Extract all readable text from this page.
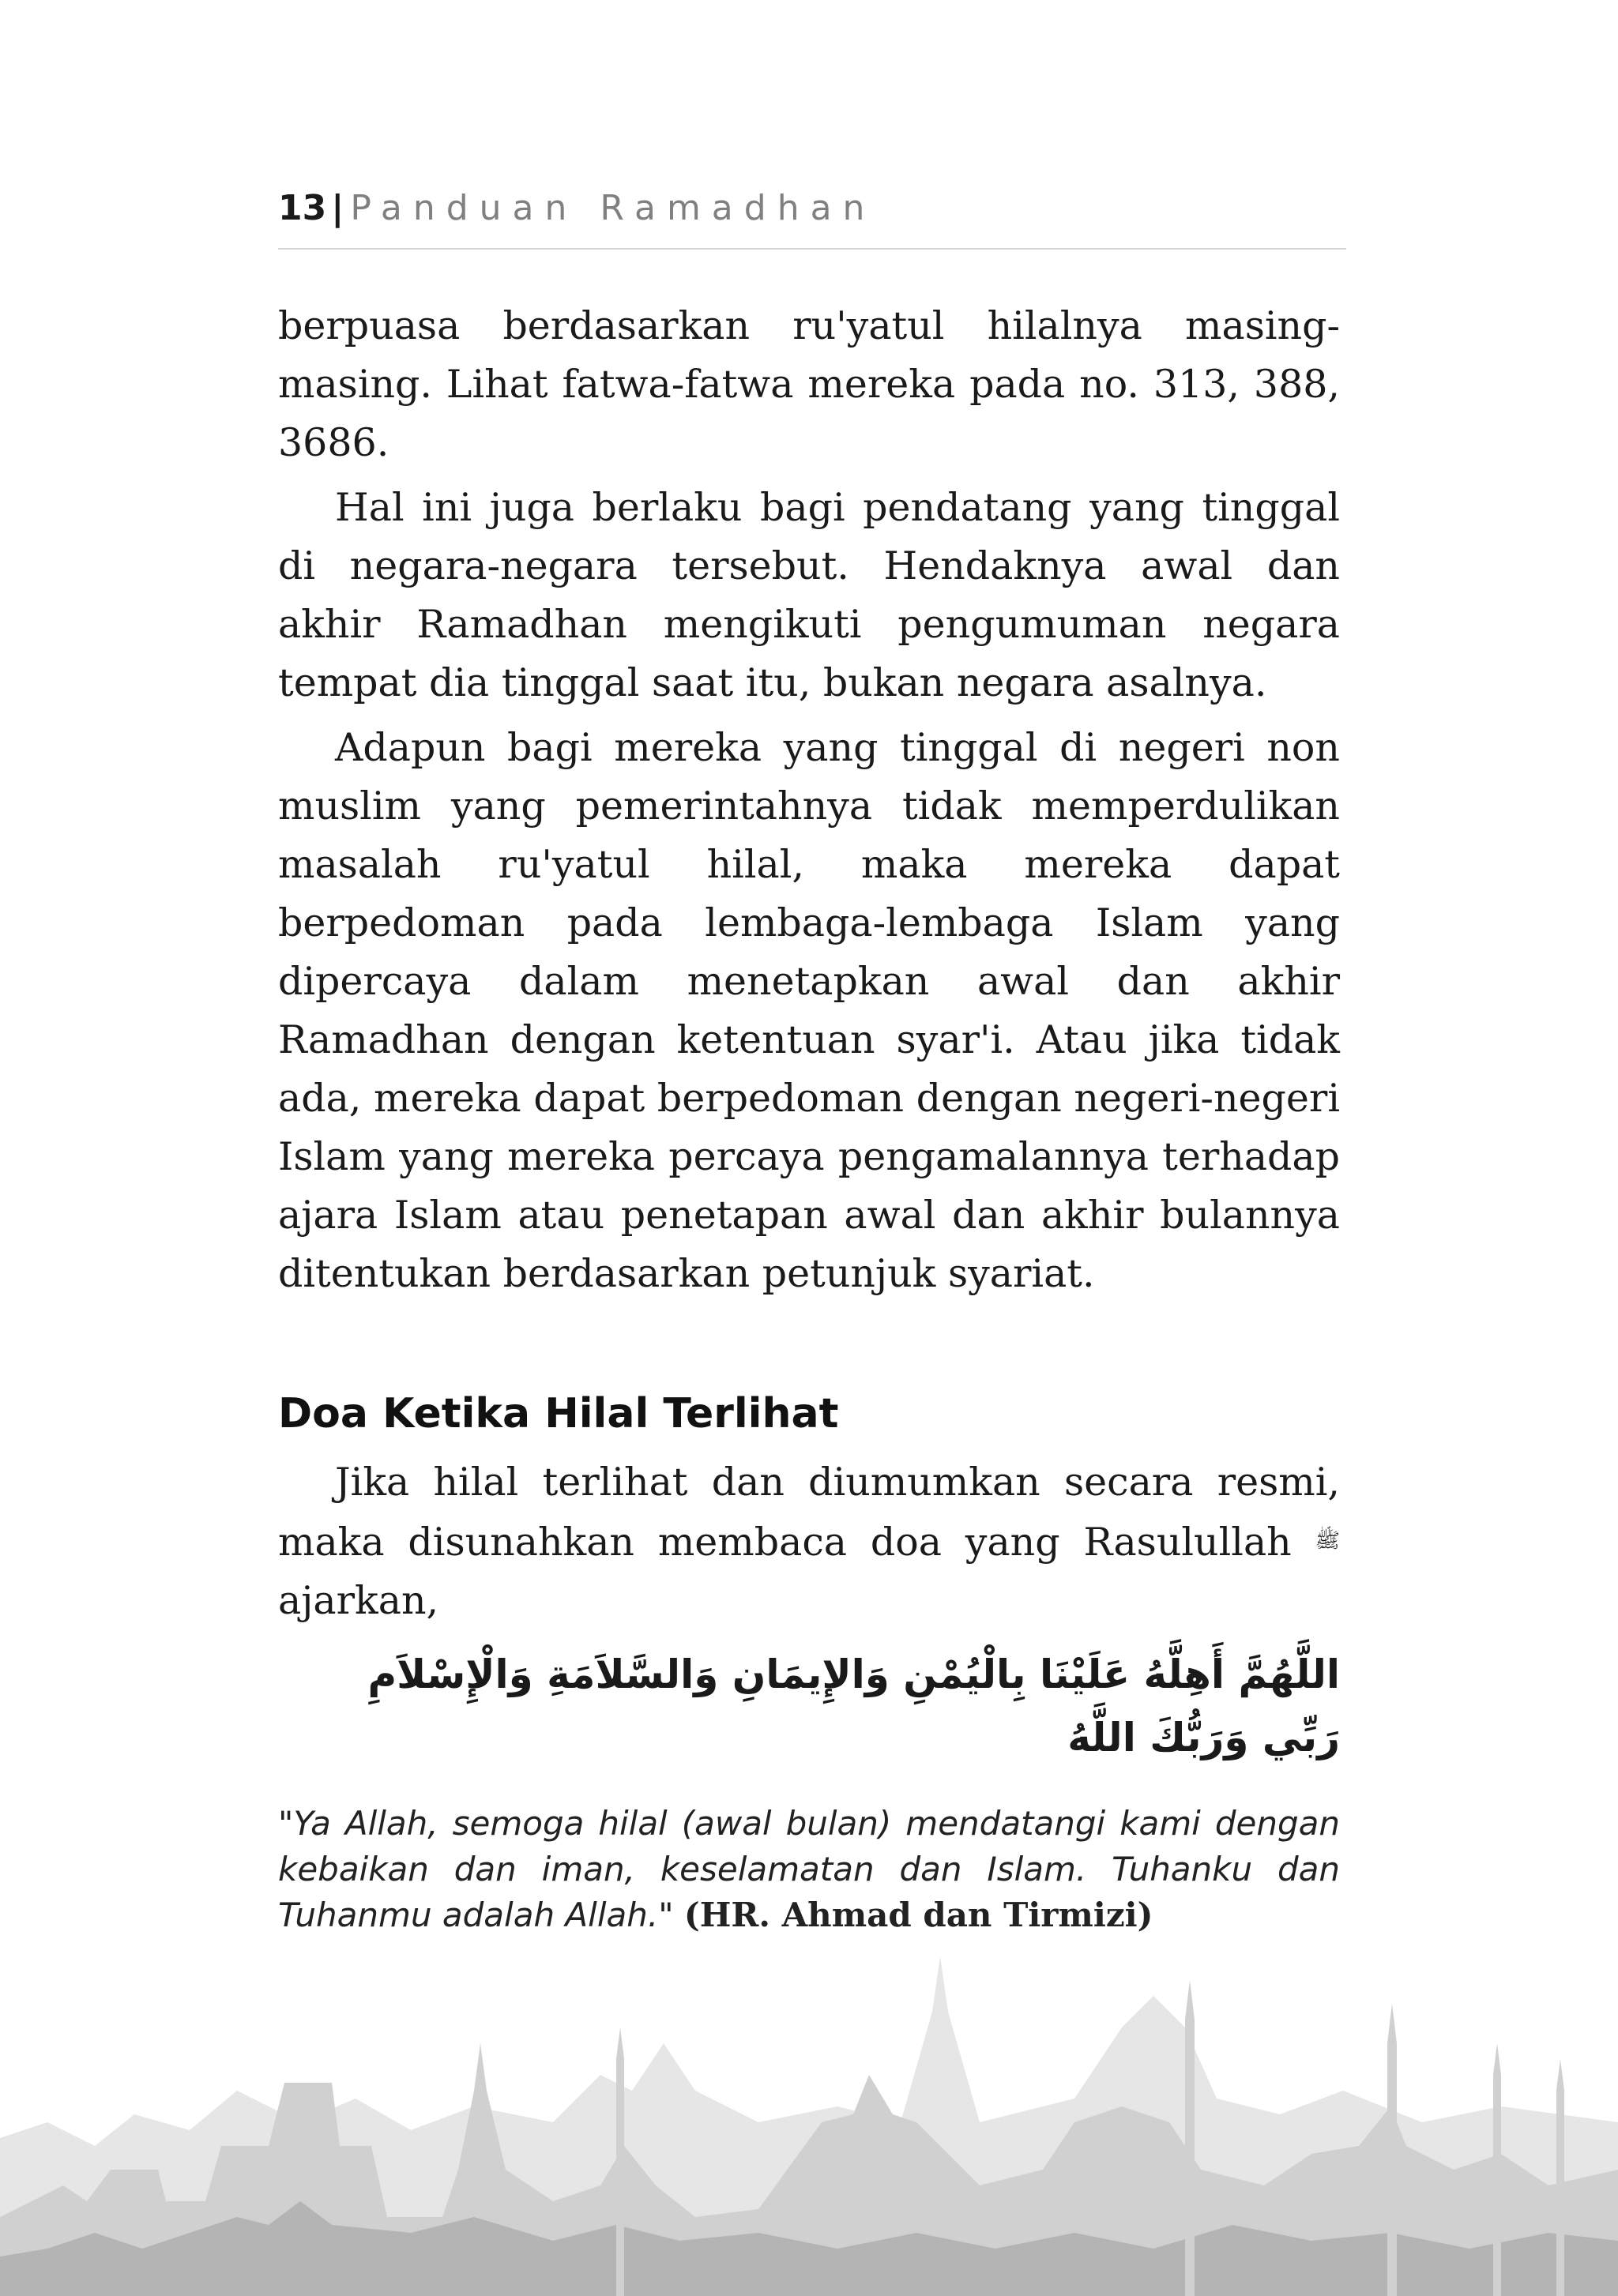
13 | Panduan Ramadhan

berpuasa berdasarkan ru'yatul hilalnya masing-masing. Lihat fatwa-fatwa mereka pada no. 313, 388, 3686.

Hal ini juga berlaku bagi pendatang yang tinggal di negara-negara tersebut. Hendaknya awal dan akhir Ramadhan mengikuti pengumuman negara tempat dia tinggal saat itu, bukan negara asalnya.

Adapun bagi mereka yang tinggal di negeri non muslim yang pemerintahnya tidak memperdulikan masalah ru'yatul hilal, maka mereka dapat berpedoman pada lembaga-lembaga Islam yang dipercaya dalam menetapkan awal dan akhir Ramadhan dengan ketentuan syar'i. Atau jika tidak ada, mereka dapat berpedoman dengan negeri-negeri Islam yang mereka percaya pengamalannya terhadap ajara Islam atau penetapan awal dan akhir bulannya ditentukan berdasarkan petunjuk syariat.

Doa Ketika Hilal Terlihat

Jika hilal terlihat dan diumumkan secara resmi, maka disunahkan membaca doa yang Rasulullah $^ﷺ$ ajarkan,

اللَّهُمَّ أَهِلَّهُ عَلَيْنَا بِالْيُمْنِ وَالإِيمَانِ وَالسَّلاَمَةِ وَالْإِسْلاَمِ رَبِّي وَرَبُّكَ اللَّهُ
"Ya Allah, semoga hilal (awal bulan) mendatangi kami dengan kebaikan dan iman, keselamatan dan Islam. Tuhanku dan Tuhanmu adalah Allah." (HR. Ahmad dan Tirmizi)
